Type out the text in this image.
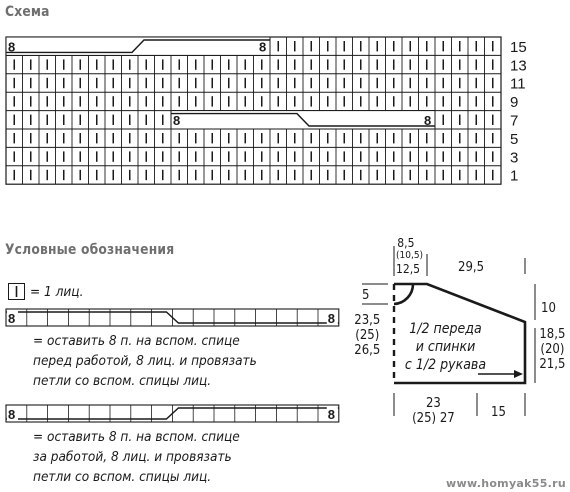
Схема
15
13
11
9
7
5
3
1
8	8
8	8
Условные обозначения
= 1 лиц.
8	8
= оставить 8 п. на вспом. спице
перед работой, 8 лиц. и провязать
петли со вспом. спицы лиц.
8	8
= оставить 8 п. на вспом. спице
за работой, 8 лиц. и провязать
петли со вспом. спицы лиц.
8,5
(10,5)
12,5	29,5
5
23,5
(25)
26,5
1/2 переда
и спинки
с 1/2 рукава
10
18,5
(20)
21,5
23
(25) 27	15
www.homyak55.ru
